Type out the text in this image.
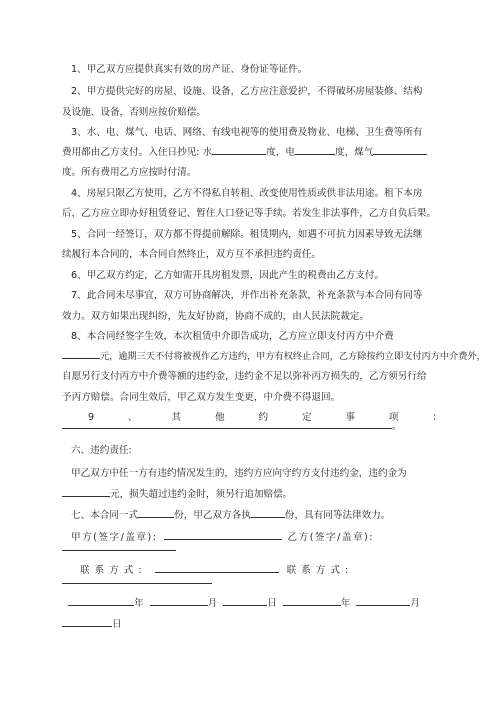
1、甲乙双方应提供真实有效的房产证、身份证等证件。
2、甲方提供完好的房屋、设施、设备，乙方应注意爱护，不得破坏房屋装修、结构
及设施、设备，否则应按价赔偿。
3、水、电、煤气、电话、网络、有线电视等的使用费及物业、电梯、卫生费等所有
费用都由乙方支付。入住日抄见: 水	度，电	度，煤气
度。所有费用乙方应按时付清。
4、房屋只限乙方使用，乙方不得私自转租、改变使用性质或供非法用途。租下本房
后，乙方应立即办好租赁登记、暂住人口登记等手续。若发生非法事件，乙方自负后果。
5、合同一经签订，双方都不得提前解除。租赁期内，如遇不可抗力因素导致无法继
续履行本合同的，本合同自然终止，双方互不承担违约责任。
6、甲乙双方约定，乙方如需开具房租发票，因此产生的税费由乙方支付。
7、此合同未尽事宜，双方可协商解决，并作出补充条款，补充条款与本合同有同等
效力。双方如果出现纠纷，先友好协商，协商不成的，由人民法院裁定。
8、本合同经签字生效，本次租赁中介即告成功，乙方应立即支付丙方中介费
元，逾期三天不付将被视作乙方违约，甲方有权终止合同，乙方除按约立即支付丙方中介费外，
自愿另行支付丙方中介费等额的违约金，违约金不足以弥补丙方损失的，乙方须另行给
予丙方赔偿。合同生效后，甲乙双方发生变更，中介费不得退回。
9	、	其	他	约	定	事	项	：
。
六、违约责任:
甲乙双方中任一方有违约情况发生的，违约方应向守约方支付违约金，违约金为
元，损失超过违约金时，须另行追加赔偿。
七、本合同一式	份，甲乙双方各执	份，具有同等法律效力。
甲方(签字/盖章):	乙方(签字/盖章):
联系方式:	联系方式:
年	月	日	年	月
日
